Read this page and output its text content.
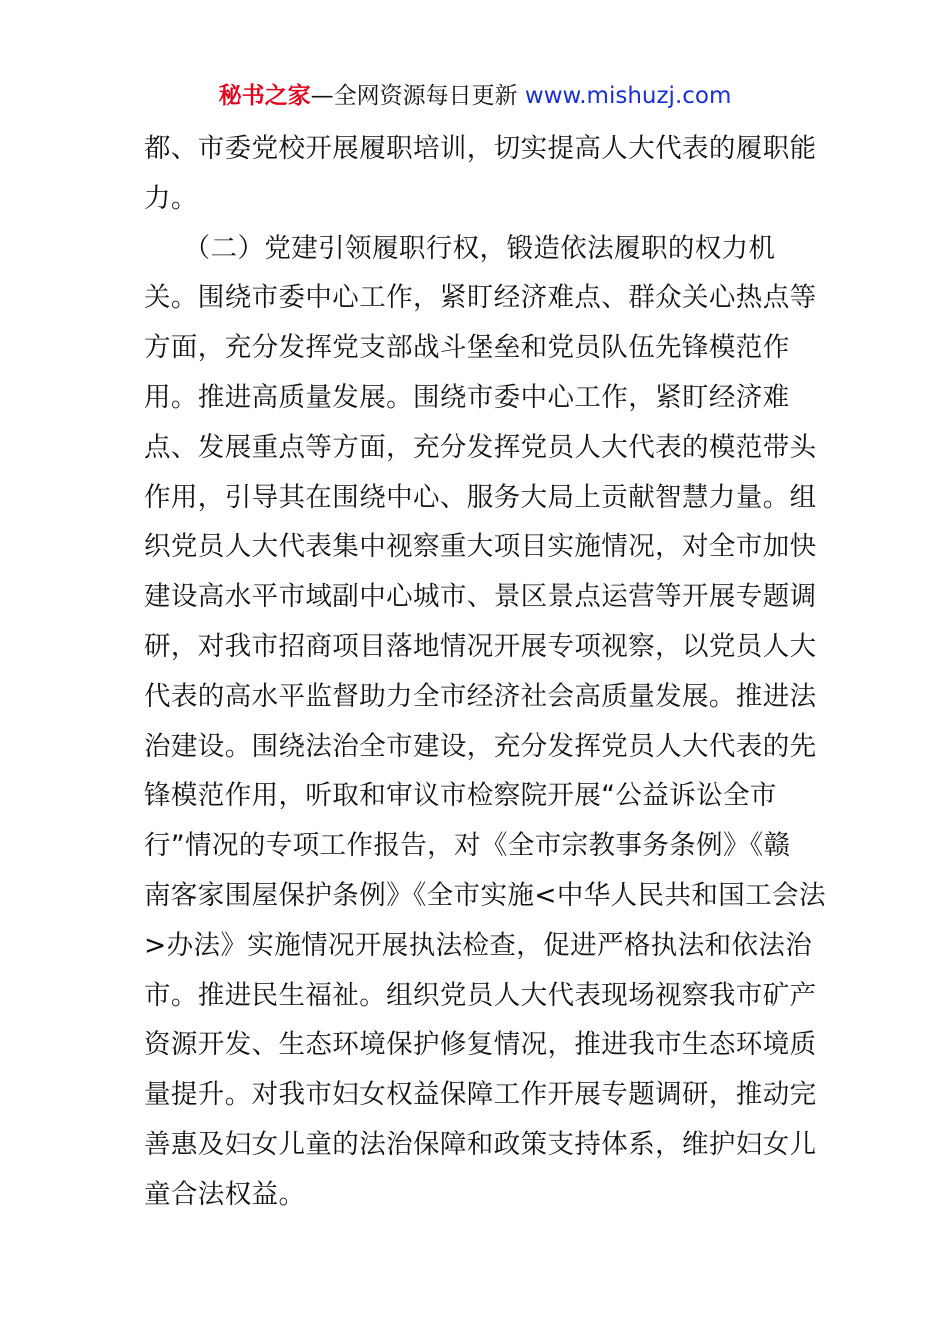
秘书之家—全网资源每日更新 www.mishuzj.com
都、市委党校开展履职培训，切实提高人大代表的履职能
力。
　（二）党建引领履职行权，锻造依法履职的权力机
关。围绕市委中心工作，紧盯经济难点、群众关心热点等
方面，充分发挥党支部战斗堡垒和党员队伍先锋模范作
用。推进高质量发展。围绕市委中心工作，紧盯经济难
点、发展重点等方面，充分发挥党员人大代表的模范带头
作用，引导其在围绕中心、服务大局上贡献智慧力量。组
织党员人大代表集中视察重大项目实施情况，对全市加快
建设高水平市域副中心城市、景区景点运营等开展专题调
研，对我市招商项目落地情况开展专项视察，以党员人大
代表的高水平监督助力全市经济社会高质量发展。推进法
治建设。围绕法治全市建设，充分发挥党员人大代表的先
锋模范作用，听取和审议市检察院开展“公益诉讼全市
行”情况的专项工作报告，对《全市宗教事务条例》《赣
南客家围屋保护条例》《全市实施<中华人民共和国工会法
>办法》实施情况开展执法检查，促进严格执法和依法治
市。推进民生福祉。组织党员人大代表现场视察我市矿产
资源开发、生态环境保护修复情况，推进我市生态环境质
量提升。对我市妇女权益保障工作开展专题调研，推动完
善惠及妇女儿童的法治保障和政策支持体系，维护妇女儿
童合法权益。
